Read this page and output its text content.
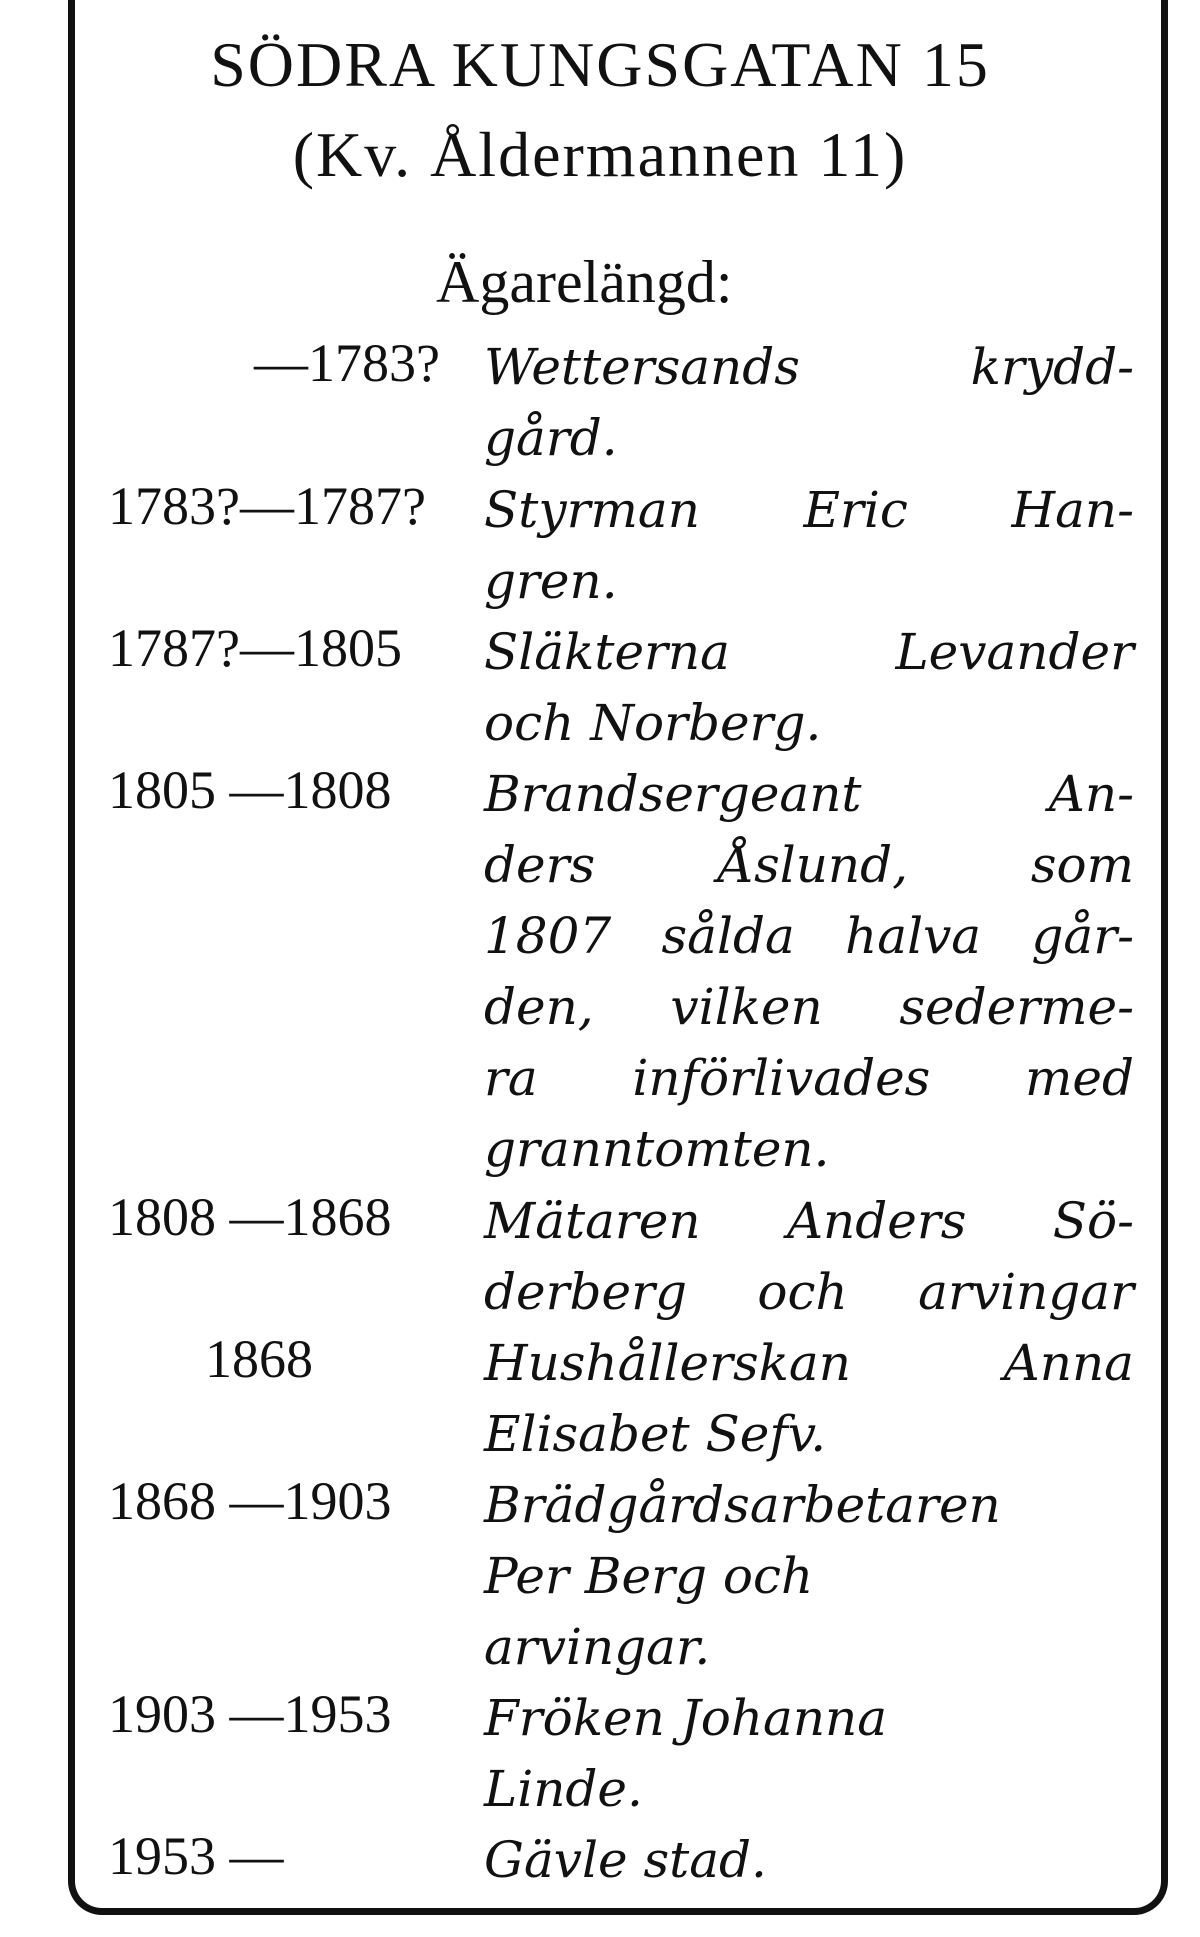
SÖDRA KUNGSGATAN 15
(Kv. Åldermannen 11)
Ägarelängd:
—1783? Wettersands krydd-
gård.
1783?—1787?	Styrman Eric Han-
gren.
1787?—1805	Släkterna Levander
och Norberg.
1805 —1808	Brandsergeant An-
ders Åslund, som
1807 sålda halva går-
den, vilken sederme-
ra införlivades med
granntomten.
1808 —1868	Mätaren Anders Sö-
derberg och arvingar
1868	Hushållerskan Anna
Elisabet Sefv.
1868 —1903	Brädgårdsarbetaren
Per Berg och
arvingar.
1903 —1953	Fröken Johanna
Linde.
1953 —	Gävle stad.
